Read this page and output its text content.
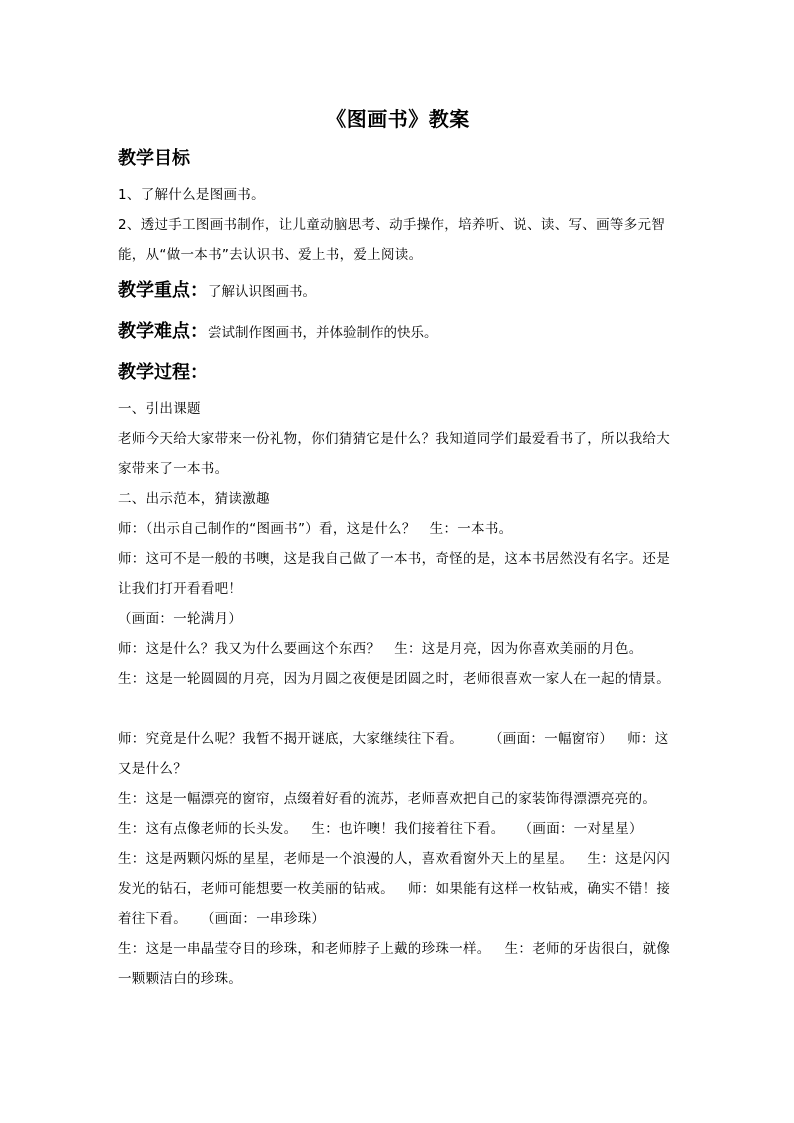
《图画书》教案
教学目标

1、了解什么是图画书。

2、透过手工图画书制作，让儿童动脑思考、动手操作，培养听、说、读、写、画等多元智能，从“做一本书”去认识书、爱上书，爱上阅读。

教学重点：了解认识图画书。
教学难点：尝试制作图画书，并体验制作的快乐。
教学过程：

一、引出课题

老师今天给大家带来一份礼物，你们猜猜它是什么？我知道同学们最爱看书了，所以我给大家带来了一本书。

二、出示范本，猜读激趣

师：（出示自己制作的“图画书”）看，这是什么？ 生：一本书。

师：这可不是一般的书噢，这是我自己做了一本书，奇怪的是，这本书居然没有名字。还是让我们打开看看吧！

（画面：一轮满月）

师：这是什么？我又为什么要画这个东西？ 生：这是月亮，因为你喜欢美丽的月色。

生：这是一轮圆圆的月亮，因为月圆之夜便是团圆之时，老师很喜欢一家人在一起的情景。

师：究竟是什么呢？我暂不揭开谜底，大家继续往下看。 （画面：一幅窗帘） 师：这又是什么？

生：这是一幅漂亮的窗帘，点缀着好看的流苏，老师喜欢把自己的家装饰得漂漂亮亮的。

生：这有点像老师的长头发。 生：也许噢！我们接着往下看。 （画面：一对星星）

生：这是两颗闪烁的星星，老师是一个浪漫的人，喜欢看窗外天上的星星。 生：这是闪闪发光的钻石，老师可能想要一枚美丽的钻戒。 师：如果能有这样一枚钻戒，确实不错！接着往下看。 （画面：一串珍珠）

生：这是一串晶莹夺目的珍珠，和老师脖子上戴的珍珠一样。 生：老师的牙齿很白，就像一颗颗洁白的珍珠。
